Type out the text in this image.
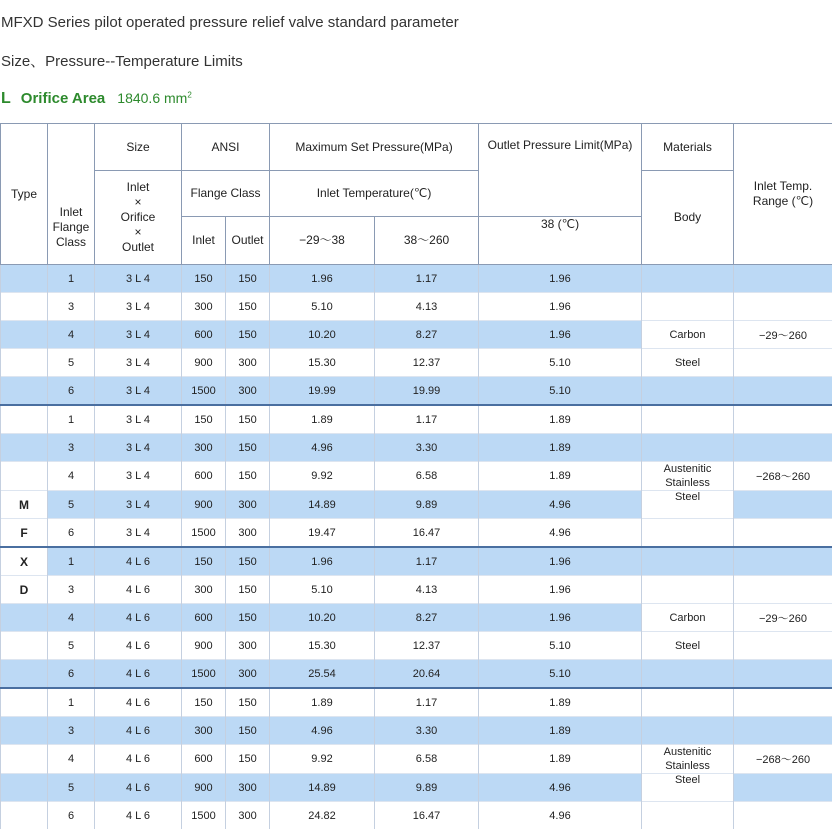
MFXD Series pilot operated pressure relief valve standard parameter
Size、Pressure--Temperature Limits
L Orifice Area 1840.6 $mm^2$
Type	Inlet Flange Class	Size	ANSI		Maximum Set Pressure(MPa)		Outlet Pressure Limit(MPa)	Materials	Inlet Temp. Range (℃)

		Inlet
×
Orifice
×
Outlet	Flange Class		Inlet Temperature(℃)			Body	
			Inlet	Outlet	−29～38	38～260	38 (℃)		
	1	3 L 4	150	150	1.96	1.17	1.96		
	3	3 L 4	300	150	5.10	4.13	1.96		
	4	3 L 4	600	150	10.20	8.27	1.96	Carbon	−29～260
	5	3 L 4	900	300	15.30	12.37	5.10	Steel	
	6	3 L 4	1500	300	19.99	19.99	5.10		
	1	3 L 4	150	150	1.89	1.17	1.89		
	3	3 L 4	300	150	4.96	3.30	1.89		
	4	3 L 4	600	150	9.92	6.58	1.89	Austenitic
Stainless	−268～260
M	5	3 L 4	900	300	14.89	9.89	4.96	Steel	
F	6	3 L 4	1500	300	19.47	16.47	4.96		
X	1	4 L 6	150	150	1.96	1.17	1.96		
D	3	4 L 6	300	150	5.10	4.13	1.96		
	4	4 L 6	600	150	10.20	8.27	1.96	Carbon	−29～260
	5	4 L 6	900	300	15.30	12.37	5.10	Steel	
	6	4 L 6	1500	300	25.54	20.64	5.10		
	1	4 L 6	150	150	1.89	1.17	1.89		
	3	4 L 6	300	150	4.96	3.30	1.89		
	4	4 L 6	600	150	9.92	6.58	1.89	Austenitic
Stainless	−268～260
	5	4 L 6	900	300	14.89	9.89	4.96	Steel	
	6	4 L 6	1500	300	24.82	16.47	4.96		
